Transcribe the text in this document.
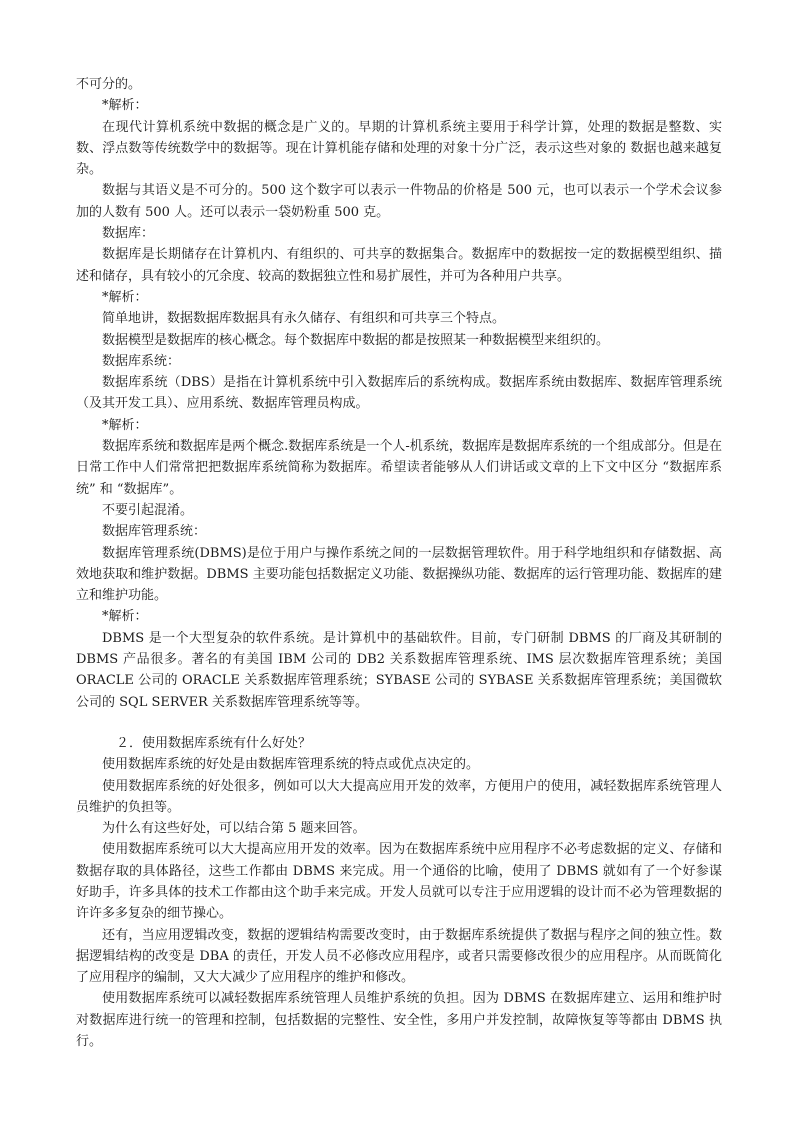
不可分的。

*解析：

在现代计算机系统中数据的概念是广义的。早期的计算机系统主要用于科学计算，处理的数据是整数、实数、浮点数等传统数学中的数据等。现在计算机能存储和处理的对象十分广泛，表示这些对象的 数据也越来越复杂。

数据与其语义是不可分的。500 这个数字可以表示一件物品的价格是 500 元，也可以表示一个学术会议参加的人数有 500 人。还可以表示一袋奶粉重 500 克。

数据库：

数据库是长期储存在计算机内、有组织的、可共享的数据集合。数据库中的数据按一定的数据模型组织、描述和储存，具有较小的冗余度、较高的数据独立性和易扩展性，并可为各种用户共享。

*解析：

简单地讲，数据数据库数据具有永久储存、有组织和可共享三个特点。

数据模型是数据库的核心概念。每个数据库中数据的都是按照某一种数据模型来组织的。

数据库系统：

数据库系统（DBS）是指在计算机系统中引入数据库后的系统构成。数据库系统由数据库、数据库管理系统（及其开发工具）、应用系统、数据库管理员构成。

*解析：

数据库系统和数据库是两个概念.数据库系统是一个人-机系统，数据库是数据库系统的一个组成部分。但是在日常工作中人们常常把把数据库系统简称为数据库。希望读者能够从人们讲话或文章的上下文中区分 “数据库系统” 和 “数据库”。

不要引起混淆。

数据库管理系统：

数据库管理系统(DBMS)是位于用户与操作系统之间的一层数据管理软件。用于科学地组织和存储数据、高效地获取和维护数据。DBMS 主要功能包括数据定义功能、数据操纵功能、数据库的运行管理功能、数据库的建立和维护功能。

*解析：

DBMS 是一个大型复杂的软件系统。是计算机中的基础软件。目前，专门研制 DBMS 的厂商及其研制的 DBMS 产品很多。著名的有美国 IBM 公司的 DB2 关系数据库管理系统、IMS 层次数据库管理系统；美国 ORACLE 公司的 ORACLE 关系数据库管理系统；SYBASE 公司的 SYBASE 关系数据库管理系统；美国微软公司的 SQL SERVER 关系数据库管理系统等等。

２．使用数据库系统有什么好处？

使用数据库系统的好处是由数据库管理系统的特点或优点决定的。

使用数据库系统的好处很多，例如可以大大提高应用开发的效率，方便用户的使用，减轻数据库系统管理人员维护的负担等。

为什么有这些好处，可以结合第 5 题来回答。

使用数据库系统可以大大提高应用开发的效率。因为在数据库系统中应用程序不必考虑数据的定义、存储和数据存取的具体路径，这些工作都由 DBMS 来完成。用一个通俗的比喻，使用了 DBMS 就如有了一个好参谋好助手，许多具体的技术工作都由这个助手来完成。开发人员就可以专注于应用逻辑的设计而不必为管理数据的许许多多复杂的细节操心。

还有，当应用逻辑改变，数据的逻辑结构需要改变时，由于数据库系统提供了数据与程序之间的独立性。数据逻辑结构的改变是 DBA 的责任，开发人员不必修改应用程序，或者只需要修改很少的应用程序。从而既简化了应用程序的编制，又大大减少了应用程序的维护和修改。

使用数据库系统可以减轻数据库系统管理人员维护系统的负担。因为 DBMS 在数据库建立、运用和维护时对数据库进行统一的管理和控制，包括数据的完整性、安全性，多用户并发控制，故障恢复等等都由 DBMS 执行。
